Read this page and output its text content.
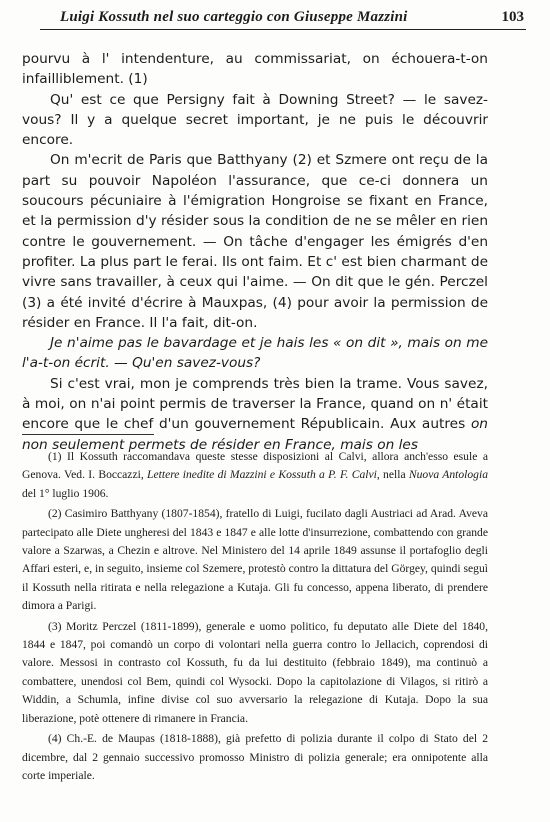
Luigi Kossuth nel suo carteggio con Giuseppe Mazzini	103

pourvu à l' intendenture, au commissariat, on échouera-t-on infailliblement. (1)

Qu' est ce que Persigny fait à Downing Street? — le savez-vous? Il y a quelque secret important, je ne puis le découvrir encore.

On m'ecrit de Paris que Batthyany (2) et Szmere ont reçu de la part su pouvoir Napoléon l'assurance, que ce-ci donnera un soucours pécuniaire à l'émigration Hongroise se fixant en France, et la permission d'y résider sous la condition de ne se mêler en rien contre le gouvernement. — On tâche d'engager les émigrés d'en profiter. La plus part le ferai. Ils ont faim. Et c' est bien charmant de vivre sans travailler, à ceux qui l'aime. — On dit que le gén. Perczel (3) a été invité d'écrire à Mauxpas, (4) pour avoir la permission de résider en France. Il l'a fait, dit-on.

Je n'aime pas le bavardage et je hais les « on dit », mais on me l'a-t-on écrit. — Qu'en savez-vous?

Si c'est vrai, mon je comprends très bien la trame. Vous savez, à moi, on n'ai point permis de traverser la France, quand on n' était encore que le chef d'un gouvernement Républicain. Aux autres on non seulement permets de résider en France, mais on les

(1) Il Kossuth raccomandava queste stesse disposizioni al Calvi, allora anch'esso esule a Genova. Ved. I. Boccazzi, Lettere inedite di Mazzini e Kossuth a P. F. Calvi, nella Nuova Antologia del 1° luglio 1906.

(2) Casimiro Batthyany (1807-1854), fratello di Luigi, fucilato dagli Austriaci ad Arad. Aveva partecipato alle Diete ungheresi del 1843 e 1847 e alle lotte d'insurrezione, combattendo con grande valore a Szarwas, a Chezin e altrove. Nel Ministero del 14 aprile 1849 assunse il portafoglio degli Affari esteri, e, in seguito, insieme col Szemere, protestò contro la dittatura del Görgey, quindi seguì il Kossuth nella ritirata e nella relegazione a Kutaja. Gli fu concesso, appena liberato, di prendere dimora a Parigi.

(3) Moritz Perczel (1811-1899), generale e uomo politico, fu deputato alle Diete del 1840, 1844 e 1847, poi comandò un corpo di volontari nella guerra contro lo Jellacich, coprendosi di valore. Messosi in contrasto col Kossuth, fu da lui destituito (febbraio 1849), ma continuò a combattere, unendosi col Bem, quindi col Wysocki. Dopo la capitolazione di Vilagos, si ritirò a Widdin, a Schumla, infine divise col suo avversario la relegazione di Kutaja. Dopo la sua liberazione, potè ottenere di rimanere in Francia.

(4) Ch.-E. de Maupas (1818-1888), già prefetto di polizia durante il colpo di Stato del 2 dicembre, dal 2 gennaio successivo promosso Ministro di polizia generale; era onnipotente alla corte imperiale.
